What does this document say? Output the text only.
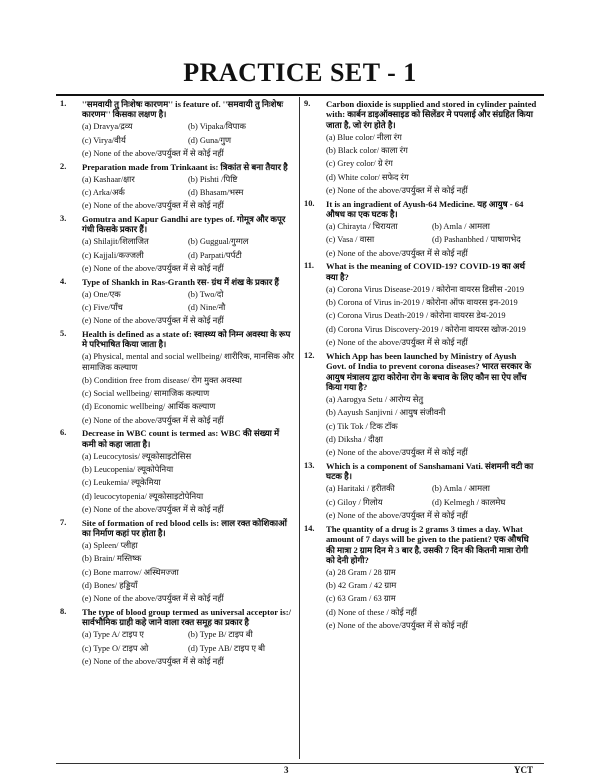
PRACTICE SET - 1
1. ''समवायी तु निःशेषः कारणम'' is feature of. ''समवायी तु निःशेषः कारणम'' किसका लक्षण है।
(a) Dravya/द्रव्य	(b) Vipaka/विपाक
(c) Virya/वीर्य	(d) Guna/गुण
(e) None of the above/उपर्युक्त में से कोई नहीं
2. Preparation made from Trinkaant is: त्रिकांत से बना तैयार है
(a) Kashaar/क्षार	(b) Pishti /पिष्टि
(c) Arka/अर्क	(d) Bhasam/भस्म
(e) None of the above/उपर्युक्त में से कोई नहीं
3. Gomutra and Kapur Gandhi are types of. गोमूत्र और कपूर गंधी किसके प्रकार हैं।
(a) Shilajit/शिलाजित	(b) Guggual/गुग्गल
(c) Kajjali/कज्जली	(d) Parpati/पर्पटी
(e) None of the above/उपर्युक्त में से कोई नहीं
4. Type of Shankh in Ras-Granth रस- ग्रंथ में शंख के प्रकार हैं
(a) One/एक	(b) Two/दो
(c) Five/पाँच	(d) Nine/नौ
(e) None of the above/उपर्युक्त में से कोई नहीं
5. Health is defined as a state of: स्वास्थ्य को निम्न अवस्था के रूप मे परिभाषित किया जाता है।
(a) Physical, mental and social wellbeing/ शारीरिक, मानसिक और सामाजिक कल्याण
(b) Condition free from disease/ रोग मुक्त अवस्था
(c) Social wellbeing/ सामाजिक कल्याण
(d) Economic wellbeing/ आर्थिक कल्याण
(e) None of the above/उपर्युक्त में से कोई नहीं
6. Decrease in WBC count is termed as: WBC की संख्या में कमी को कहा जाता है।
(a) Leucocytosis/ ल्यूकोसाइटोसिस
(b) Leucopenia/ ल्यूकोपेनिया
(c) Leukemia/ ल्यूकेमिया
(d) leucocytopenia/ ल्यूकोसाइटोपेनिया
(e) None of the above/उपर्युक्त में से कोई नहीं
7. Site of formation of red blood cells is: लाल रक्त कोशिकाओं का निर्माण कहां पर होता है।
(a) Spleen/ प्लीहा
(b) Brain/ मस्तिष्क
(c) Bone marrow/ अस्थिमज्जा
(d) Bones/ हड्डियाँ
(e) None of the above/उपर्युक्त में से कोई नहीं
8. The type of blood group termed as universal acceptor is:/सार्वभौमिक ग्राही कहे जाने वाला रक्त समूह का प्रकार है
(a) Type A/ टाइप ए	(b) Type B/ टाइप बी
(c) Type O/ टाइप ओ	(d) Type AB/ टाइप ए बी
(e) None of the above/उपर्युक्त में से कोई नहीं
9. Carbon dioxide is supplied and stored in cylinder painted with: कार्बन डाइऑक्साइड को सिलेंडर मे पपलाई और संग्रहित किया जाता है, जो रंग होते है।
(a) Blue color/ नीला रंग
(b) Black color/ काला रंग
(c) Grey color/ ग्रे रंग
(d) White color/ सफेद रंग
(e) None of the above/उपर्युक्त में से कोई नहीं
10. It is an ingradient of Ayush-64 Medicine. यह आयुष - 64 औषध का एक घटक है।
(a) Chirayta / चिरायता	(b) Amla / आमला
(c) Vasa / वासा	(d) Pashanbhed / पाषाणभेद
(e) None of the above/उपर्युक्त में से कोई नहीं
11. What is the meaning of COVID-19? COVID-19 का अर्थ क्या है?
(a) Corona Virus Disease-2019 / कोरोना वायरस डिसीस -2019
(b) Corona of Virus in-2019 / कोरोना ऑफ वायरस इन-2019
(c) Corona Virus Death-2019 / कोरोना वायरस डेथ-2019
(d) Corona Virus Discovery-2019 / कोरोना वायरस खोज-2019
(e) None of the above/उपर्युक्त में से कोई नहीं
12. Which App has been launched by Ministry of Ayush Govt. of India to prevent corona diseases? भारत सरकार के आयुष मंत्रालय द्वारा कोरोना रोग के बचाव के लिए कौन सा ऐप लॉंच किया गया है?
(a) Aarogya Setu / आरोग्य सेतु
(b) Aayush Sanjivni / आयुष संजीवनी
(c) Tik Tok / टिक टॉक
(d) Diksha / दीक्षा
(e) None of the above/उपर्युक्त में से कोई नहीं
13. Which is a component of Sanshamani Vati. संशमनी वटी का घटक है।
(a) Haritaki / हरीतकी	(b) Amla / आमला
(c) Giloy / गिलोय	(d) Kelmegh / कालमेघ
(e) None of the above/उपर्युक्त में से कोई नहीं
14. The quantity of a drug is 2 grams 3 times a day. What amount of 7 days will be given to the patient? एक औषधि की मात्रा 2 ग्राम दिन मे 3 बार है, उसकी 7 दिन की कितनी मात्रा रोगी को देनी होगी?
(a) 28 Gram / 28 ग्राम
(b) 42 Gram / 42 ग्राम
(c) 63 Gram / 63 ग्राम
(d) None of these / कोई नहीं
(e) None of the above/उपर्युक्त में से कोई नहीं
3	YCT
